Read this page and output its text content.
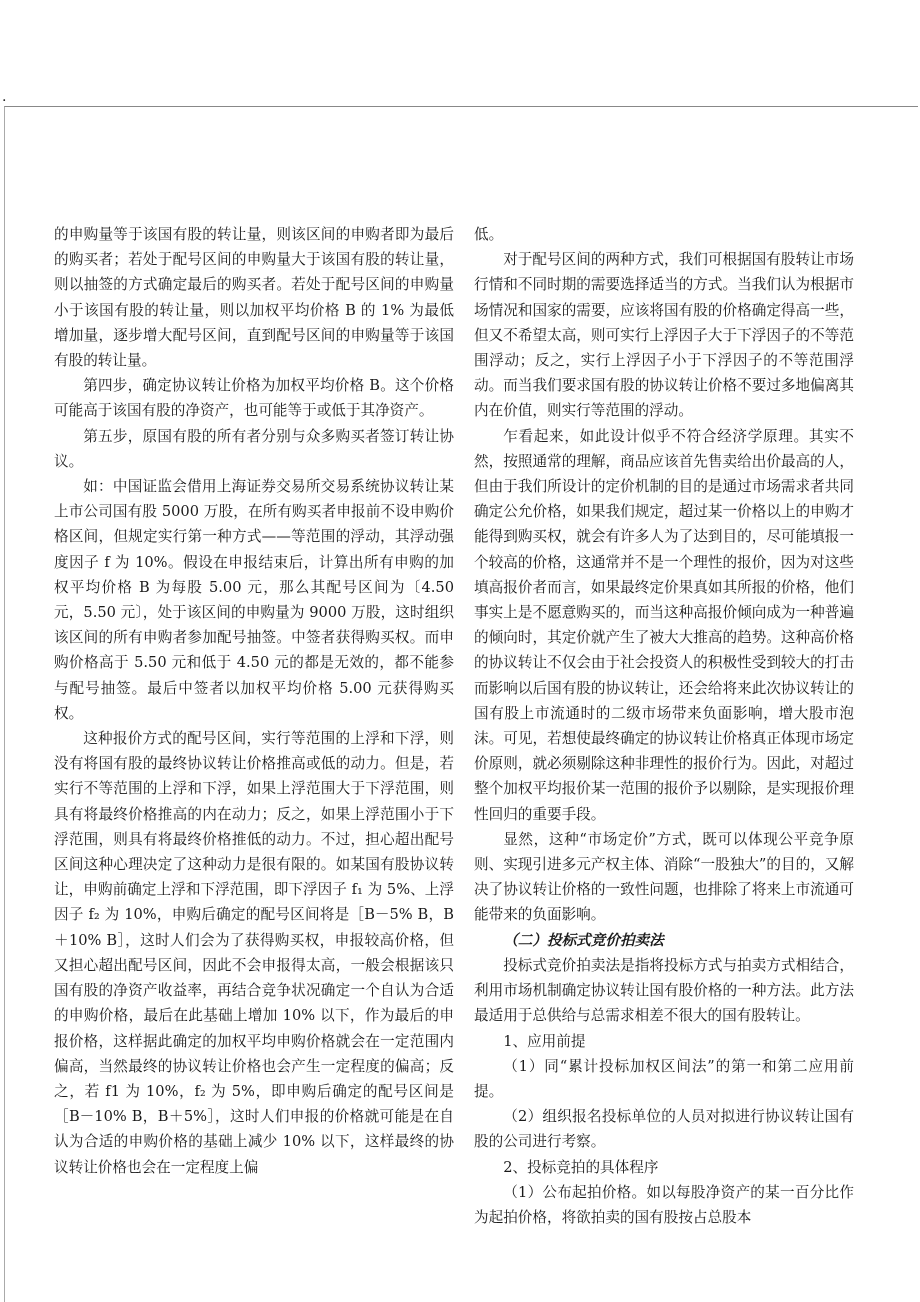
.

的申购量等于该国有股的转让量，则该区间的申购者即为最后的购买者；若处于配号区间的申购量大于该国有股的转让量，则以抽签的方式确定最后的购买者。若处于配号区间的申购量小于该国有股的转让量，则以加权平均价格 B 的 1% 为最低增加量，逐步增大配号区间，直到配号区间的申购量等于该国有股的转让量。

第四步，确定协议转让价格为加权平均价格 B。这个价格可能高于该国有股的净资产，也可能等于或低于其净资产。

第五步，原国有股的所有者分别与众多购买者签订转让协议。

如：中国证监会借用上海证券交易所交易系统协议转让某上市公司国有股 5000 万股，在所有购买者申报前不设申购价格区间，但规定实行第一种方式——等范围的浮动，其浮动强度因子 f 为 10%。假设在申报结束后，计算出所有申购的加权平均价格 B 为每股 5.00 元，那么其配号区间为〔4.50 元，5.50 元〕，处于该区间的申购量为 9000 万股，这时组织该区间的所有申购者参加配号抽签。中签者获得购买权。而申购价格高于 5.50 元和低于 4.50 元的都是无效的，都不能参与配号抽签。最后中签者以加权平均价格 5.00 元获得购买权。

这种报价方式的配号区间，实行等范围的上浮和下浮，则没有将国有股的最终协议转让价格推高或低的动力。但是，若实行不等范围的上浮和下浮，如果上浮范围大于下浮范围，则具有将最终价格推高的内在动力；反之，如果上浮范围小于下浮范围，则具有将最终价格推低的动力。不过，担心超出配号区间这种心理决定了这种动力是很有限的。如某国有股协议转让，申购前确定上浮和下浮范围，即下浮因子 f₁ 为 5%、上浮因子 f₂ 为 10%，申购后确定的配号区间将是［B－5% B，B＋10% B］，这时人们会为了获得购买权，申报较高价格，但又担心超出配号区间，因此不会申报得太高，一般会根据该只国有股的净资产收益率，再结合竞争状况确定一个自认为合适的申购价格，最后在此基础上增加 10% 以下，作为最后的申报价格，这样据此确定的加权平均申购价格就会在一定范围内偏高，当然最终的协议转让价格也会产生一定程度的偏高；反之，若 f1 为 10%，f₂ 为 5%，即申购后确定的配号区间是［B－10% B，B＋5%］，这时人们申报的价格就可能是在自认为合适的申购价格的基础上减少 10% 以下，这样最终的协议转让价格也会在一定程度上偏

低。

对于配号区间的两种方式，我们可根据国有股转让市场行情和不同时期的需要选择适当的方式。当我们认为根据市场情况和国家的需要，应该将国有股的价格确定得高一些，但又不希望太高，则可实行上浮因子大于下浮因子的不等范围浮动；反之，实行上浮因子小于下浮因子的不等范围浮动。而当我们要求国有股的协议转让价格不要过多地偏离其内在价值，则实行等范围的浮动。

乍看起来，如此设计似乎不符合经济学原理。其实不然，按照通常的理解，商品应该首先售卖给出价最高的人，但由于我们所设计的定价机制的目的是通过市场需求者共同确定公允价格，如果我们规定，超过某一价格以上的申购才能得到购买权，就会有许多人为了达到目的，尽可能填报一个较高的价格，这通常并不是一个理性的报价，因为对这些填高报价者而言，如果最终定价果真如其所报的价格，他们事实上是不愿意购买的，而当这种高报价倾向成为一种普遍的倾向时，其定价就产生了被大大推高的趋势。这种高价格的协议转让不仅会由于社会投资人的积极性受到较大的打击而影响以后国有股的协议转让，还会给将来此次协议转让的国有股上市流通时的二级市场带来负面影响，增大股市泡沫。可见，若想使最终确定的协议转让价格真正体现市场定价原则，就必须剔除这种非理性的报价行为。因此，对超过整个加权平均报价某一范围的报价予以剔除，是实现报价理性回归的重要手段。

显然，这种“市场定价”方式，既可以体现公平竞争原则、实现引进多元产权主体、消除“一股独大”的目的，又解决了协议转让价格的一致性问题，也排除了将来上市流通可能带来的负面影响。

（二）投标式竞价拍卖法

投标式竞价拍卖法是指将投标方式与拍卖方式相结合，利用市场机制确定协议转让国有股价格的一种方法。此方法最适用于总供给与总需求相差不很大的国有股转让。

1、应用前提

（1）同“累计投标加权区间法”的第一和第二应用前提。

（2）组织报名投标单位的人员对拟进行协议转让国有股的公司进行考察。

2、投标竞拍的具体程序

（1）公布起拍价格。如以每股净资产的某一百分比作为起拍价格，将欲拍卖的国有股按占总股本
